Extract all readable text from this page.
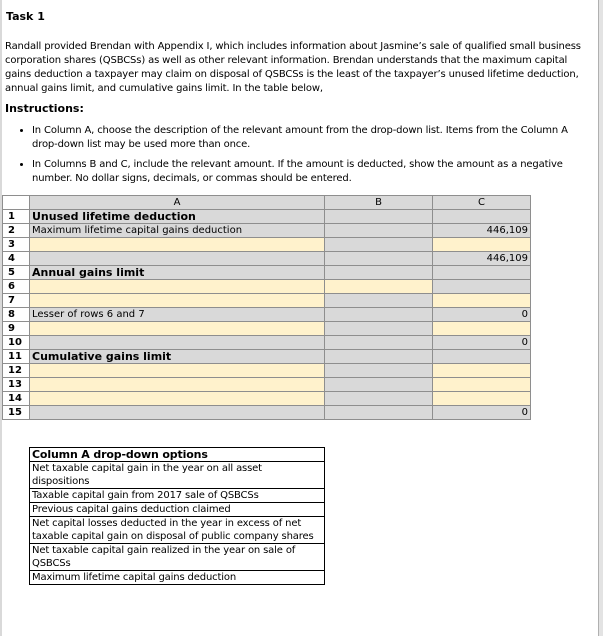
Task 1

Randall provided Brendan with Appendix I, which includes information about Jasmine’s sale of qualified small business corporation shares (QSBCSs) as well as other relevant information. Brendan understands that the maximum capital gains deduction a taxpayer may claim on disposal of QSBCSs is the least of the taxpayer’s unused lifetime deduction, annual gains limit, and cumulative gains limit. In the table below,

Instructions:
• In Column A, choose the description of the relevant amount from the drop-down list. Items from the Column A drop-down list may be used more than once.
• In Columns B and C, include the relevant amount. If the amount is deducted, show the amount as a negative number. No dollar signs, decimals, or commas should be entered.
	A	B	C
1	Unused lifetime deduction		
2	Maximum lifetime capital gains deduction		446,109
3			
4			446,109
5	Annual gains limit		
6			
7			
8	Lesser of rows 6 and 7		0
9			
10			0
11	Cumulative gains limit		
12			
13			
14			
15			0
Column A drop-down options
Net taxable capital gain in the year on all asset dispositions
Taxable capital gain from 2017 sale of QSBCSs
Previous capital gains deduction claimed
Net capital losses deducted in the year in excess of net taxable capital gain on disposal of public company shares
Net taxable capital gain realized in the year on sale of QSBCSs
Maximum lifetime capital gains deduction
